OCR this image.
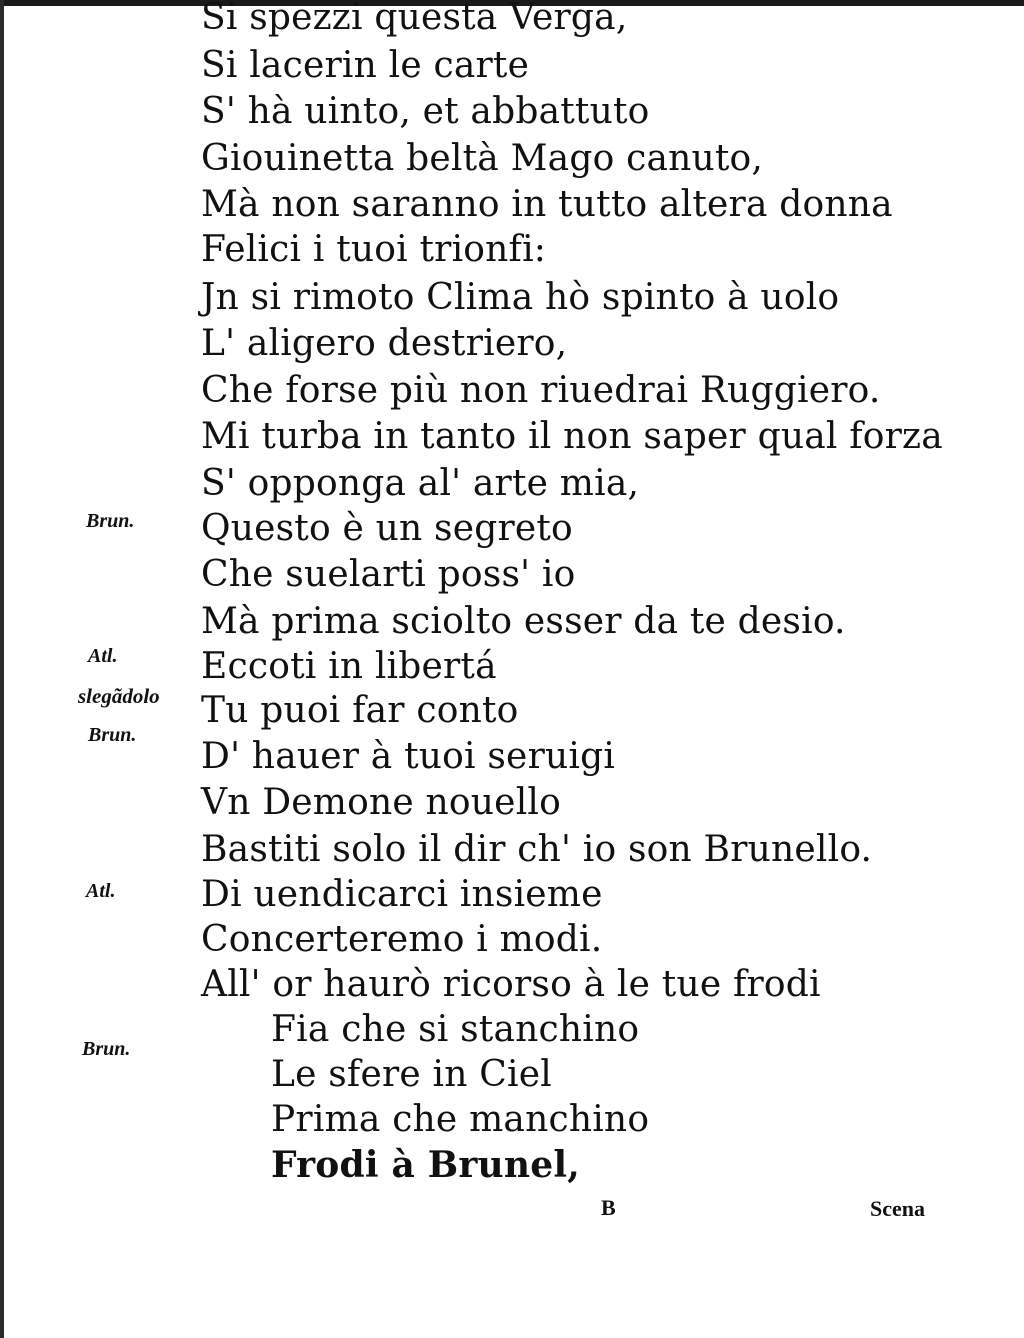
Si spezzi questa Verga,
Si lacerin le carte
S' hà uinto, et abbattuto
Giouinetta beltà Mago canuto,
Mà non saranno in tutto altera donna
Felici i tuoi trionfi:
Jn si rimoto Clima hò spinto à uolo
L' aligero destriero,
Che forse più non riuedrai Ruggiero.
Mi turba in tanto il non saper qual forza
S' opponga al' arte mia,
Questo è un segreto
Che suelarti poss' io
Mà prima sciolto esser da te desio.
Eccoti in libertá
Tu puoi far conto
D' hauer à tuoi seruigi
Vn Demone nouello
Bastiti solo il dir ch' io son Brunello.
Di uendicarci insieme
Concerteremo i modi.
All' or haurò ricorso à le tue frodi
Fia che si stanchino
Le sfere in Ciel
Prima che manchino
Frodi à Brunel,
Brun.
Atl.
slegãdolo
Brun.
Atl.
Brun.
B	Scena
